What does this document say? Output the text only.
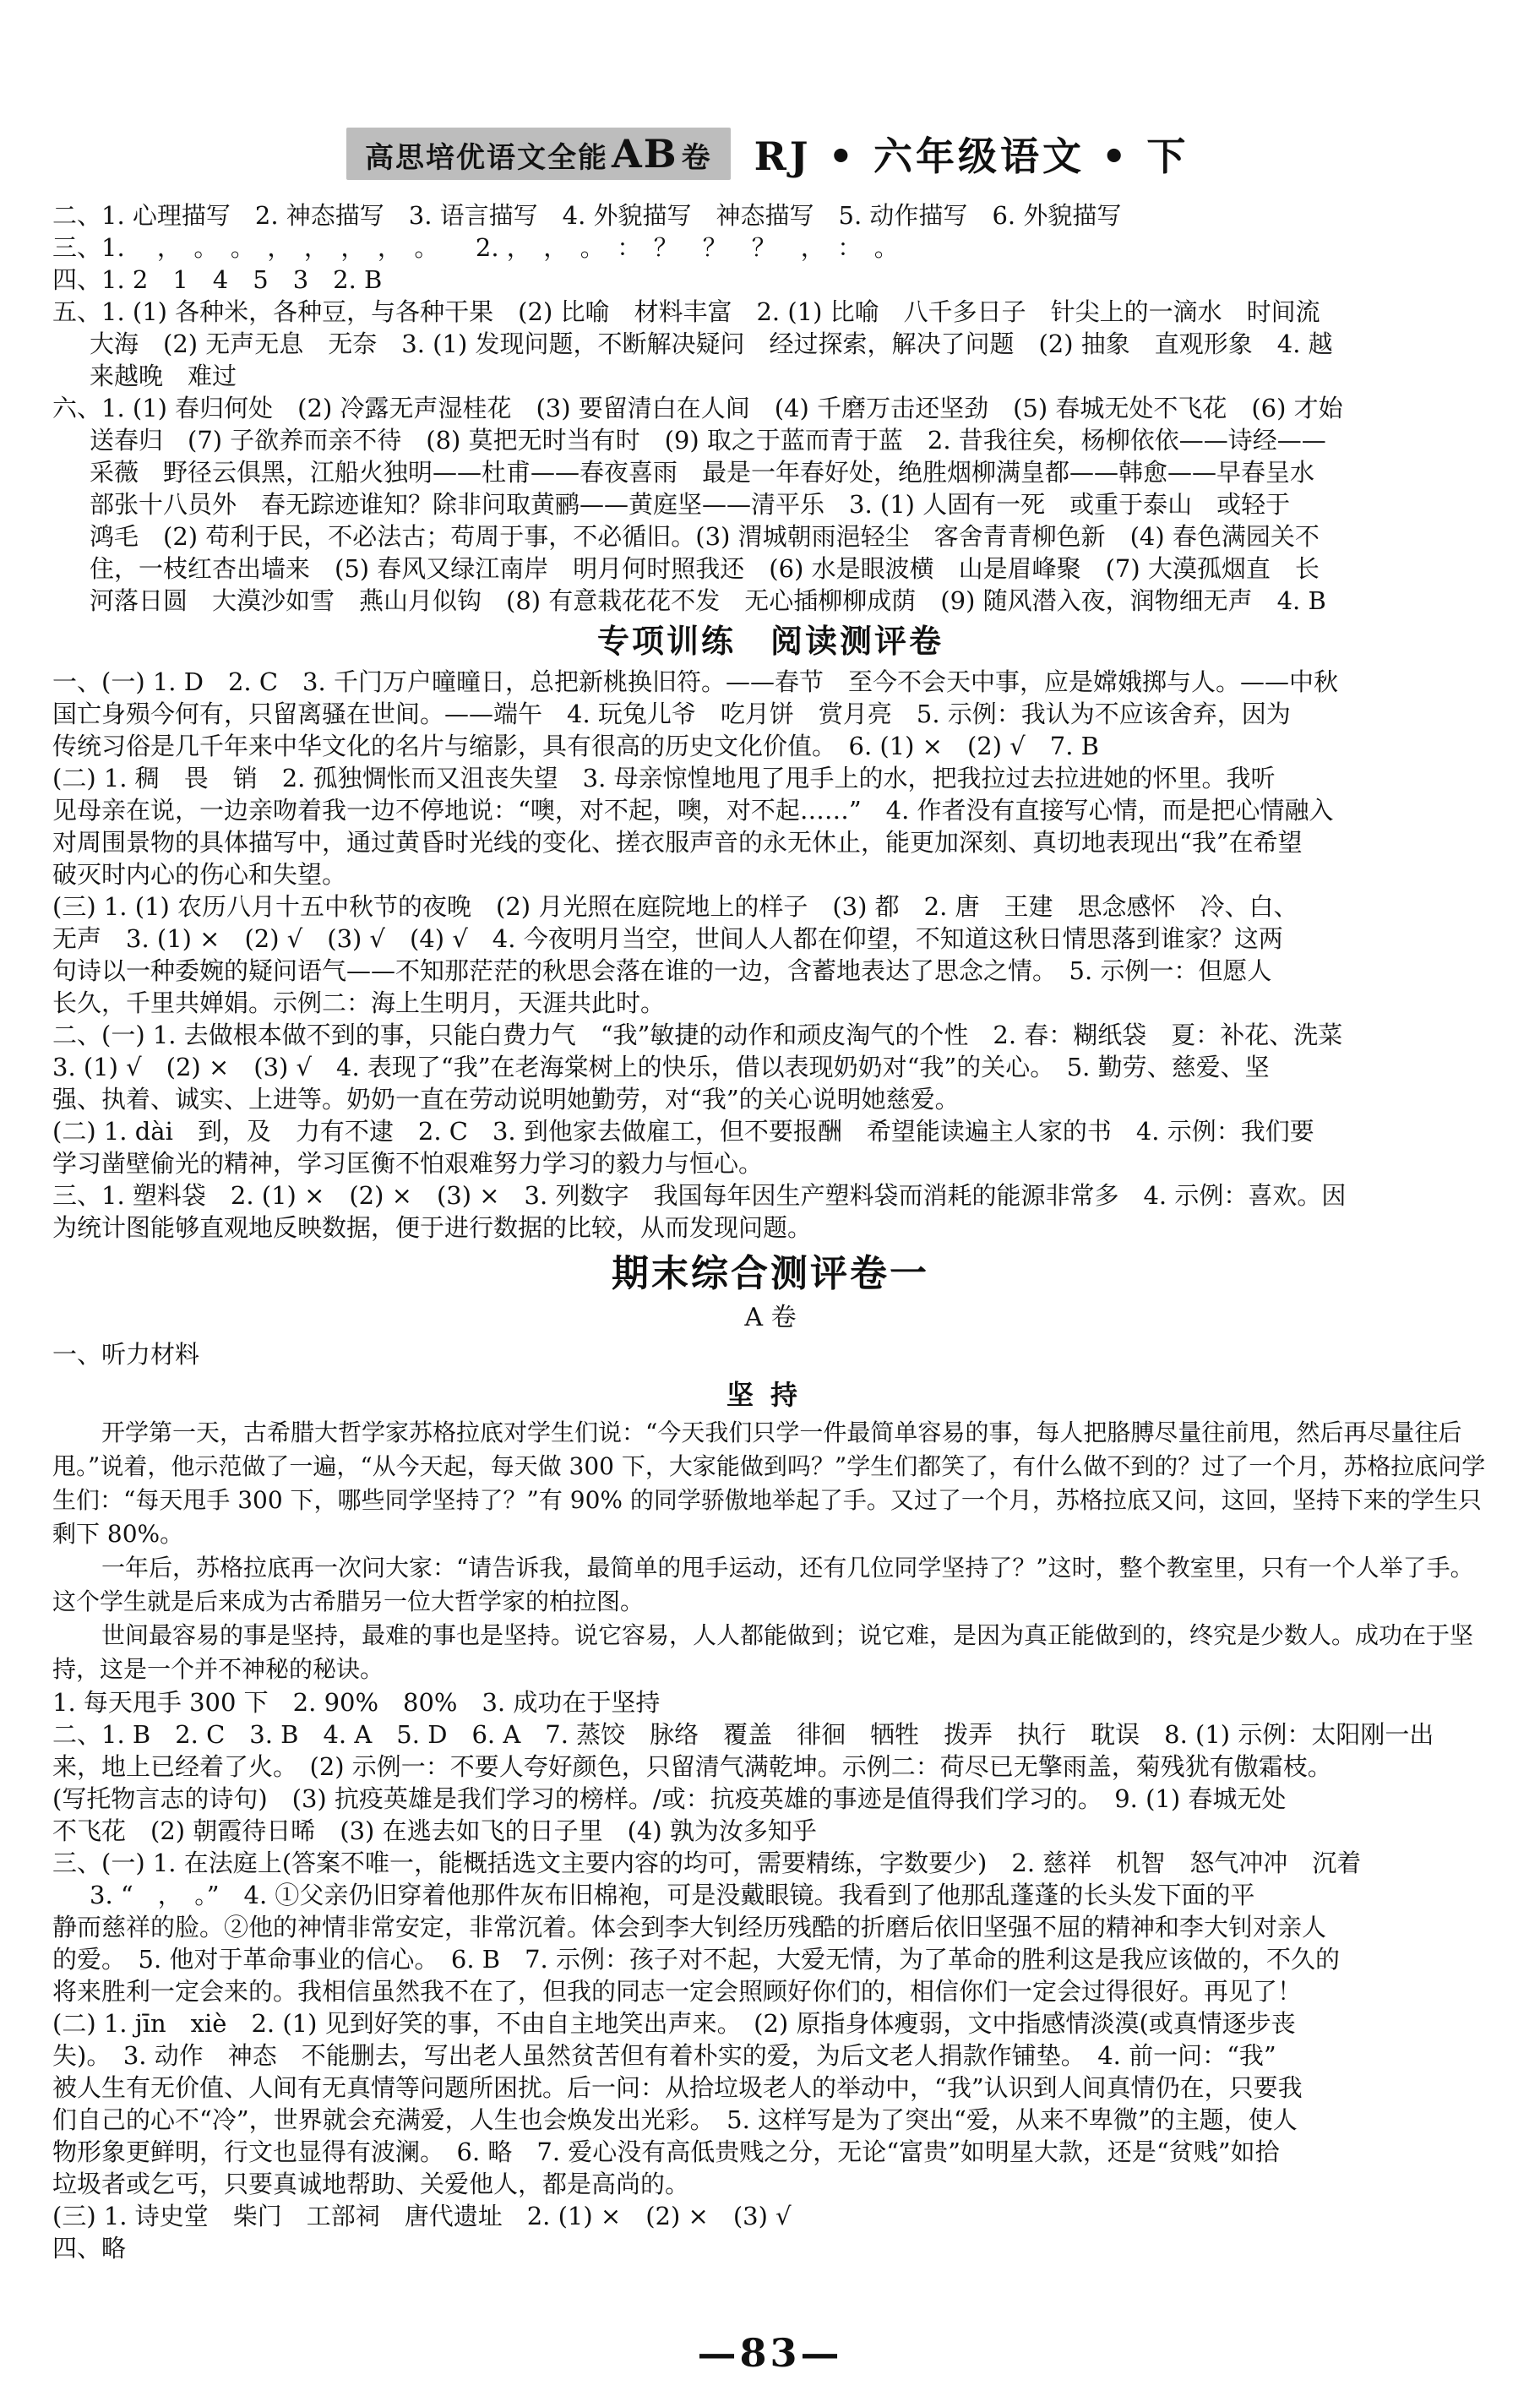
高思培优语文全能AB 卷	RJ • 六年级语文 • 下

二、1. 心理描写　2. 神态描写　3. 语言描写　4. 外貌描写　神态描写　5. 动作描写　6. 外貌描写

三、1. 　，　。　。　，　，　，　，　。　　2. ，　，　。　：　？　？　？　，　：　。

四、1. 2　1　4　5　3　2. B

五、1. (1) 各种米，各种豆，与各种干果　(2) 比喻　材料丰富　2. (1) 比喻　八千多日子　针尖上的一滴水　时间流

大海　(2) 无声无息　无奈　3. (1) 发现问题，不断解决疑问　经过探索，解决了问题　(2) 抽象　直观形象　4. 越

来越晚　难过

六、1. (1) 春归何处　(2) 冷露无声湿桂花　(3) 要留清白在人间　(4) 千磨万击还坚劲　(5) 春城无处不飞花　(6) 才始

送春归　(7) 子欲养而亲不待　(8) 莫把无时当有时　(9) 取之于蓝而青于蓝　2. 昔我往矣，杨柳依依——诗经——

采薇　野径云俱黑，江船火独明——杜甫——春夜喜雨　最是一年春好处，绝胜烟柳满皇都——韩愈——早春呈水

部张十八员外　春无踪迹谁知？除非问取黄鹂——黄庭坚——清平乐　3. (1) 人固有一死　或重于泰山　或轻于

鸿毛　(2) 苟利于民，不必法古；苟周于事，不必循旧。(3) 渭城朝雨浥轻尘　客舍青青柳色新　(4) 春色满园关不

住，一枝红杏出墙来　(5) 春风又绿江南岸　明月何时照我还　(6) 水是眼波横　山是眉峰聚　(7) 大漠孤烟直　长

河落日圆　大漠沙如雪　燕山月似钩　(8) 有意栽花花不发　无心插柳柳成荫　(9) 随风潜入夜，润物细无声　4. B

专项训练　阅读测评卷

一、(一) 1. D　2. C　3. 千门万户曈曈日，总把新桃换旧符。——春节　至今不会天中事，应是嫦娥掷与人。——中秋

国亡身殒今何有，只留离骚在世间。——端午　4. 玩兔儿爷　吃月饼　赏月亮　5. 示例：我认为不应该舍弃，因为

传统习俗是几千年来中华文化的名片与缩影，具有很高的历史文化价值。　6. (1) ×　(2) √　7. B

(二) 1. 稠　畏　销　2. 孤独惆怅而又沮丧失望　3. 母亲惊惶地甩了甩手上的水，把我拉过去拉进她的怀里。我听

见母亲在说，一边亲吻着我一边不停地说：“噢，对不起，噢，对不起……”　4. 作者没有直接写心情，而是把心情融入

对周围景物的具体描写中，通过黄昏时光线的变化、搓衣服声音的永无休止，能更加深刻、真切地表现出“我”在希望

破灭时内心的伤心和失望。

(三) 1. (1) 农历八月十五中秋节的夜晚　(2) 月光照在庭院地上的样子　(3) 都　2. 唐　王建　思念感怀　冷、白、

无声　3. (1) ×　(2) √　(3) √　(4) √　4. 今夜明月当空，世间人人都在仰望，不知道这秋日情思落到谁家？这两

句诗以一种委婉的疑问语气——不知那茫茫的秋思会落在谁的一边，含蓄地表达了思念之情。　5. 示例一：但愿人

长久，千里共婵娟。示例二：海上生明月，天涯共此时。

二、(一) 1. 去做根本做不到的事，只能白费力气　“我”敏捷的动作和顽皮淘气的个性　2. 春：糊纸袋　夏：补花、洗菜

3. (1) √　(2) ×　(3) √　4. 表现了“我”在老海棠树上的快乐，借以表现奶奶对“我”的关心。　5. 勤劳、慈爱、坚

强、执着、诚实、上进等。奶奶一直在劳动说明她勤劳，对“我”的关心说明她慈爱。

(二) 1. dài　到，及　力有不逮　2. C　3. 到他家去做雇工，但不要报酬　希望能读遍主人家的书　4. 示例：我们要

学习凿壁偷光的精神，学习匡衡不怕艰难努力学习的毅力与恒心。

三、1. 塑料袋　2. (1) ×　(2) ×　(3) ×　3. 列数字　我国每年因生产塑料袋而消耗的能源非常多　4. 示例：喜欢。因

为统计图能够直观地反映数据，便于进行数据的比较，从而发现问题。

期末综合测评卷一
A 卷

一、听力材料

坚持

开学第一天，古希腊大哲学家苏格拉底对学生们说：“今天我们只学一件最简单容易的事，每人把胳膊尽量往前甩，然后再尽量往后甩。”说着，他示范做了一遍，“从今天起，每天做 300 下，大家能做到吗？”学生们都笑了，有什么做不到的？过了一个月，苏格拉底问学生们：“每天甩手 300 下，哪些同学坚持了？”有 90% 的同学骄傲地举起了手。又过了一个月，苏格拉底又问，这回，坚持下来的学生只剩下 80%。

一年后，苏格拉底再一次问大家：“请告诉我，最简单的甩手运动，还有几位同学坚持了？”这时，整个教室里，只有一个人举了手。这个学生就是后来成为古希腊另一位大哲学家的柏拉图。

世间最容易的事是坚持，最难的事也是坚持。说它容易，人人都能做到；说它难，是因为真正能做到的，终究是少数人。成功在于坚持，这是一个并不神秘的秘诀。

1. 每天甩手 300 下　2. 90%　80%　3. 成功在于坚持

二、1. B　2. C　3. B　4. A　5. D　6. A　7. 蒸饺　脉络　覆盖　徘徊　牺牲　拨弄　执行　耽误　8. (1) 示例：太阳刚一出

来，地上已经着了火。　(2) 示例一：不要人夸好颜色，只留清气满乾坤。示例二：荷尽已无擎雨盖，菊残犹有傲霜枝。

(写托物言志的诗句)　(3) 抗疫英雄是我们学习的榜样。/或：抗疫英雄的事迹是值得我们学习的。　9. (1) 春城无处

不飞花　(2) 朝霞待日晞　(3) 在逃去如飞的日子里　(4) 孰为汝多知乎

三、(一) 1. 在法庭上(答案不唯一，能概括选文主要内容的均可，需要精练，字数要少)　2. 慈祥　机智　怒气冲冲　沉着

3. “　，　。”　4. ①父亲仍旧穿着他那件灰布旧棉袍，可是没戴眼镜。我看到了他那乱蓬蓬的长头发下面的平

静而慈祥的脸。②他的神情非常安定，非常沉着。体会到李大钊经历残酷的折磨后依旧坚强不屈的精神和李大钊对亲人

的爱。　5. 他对于革命事业的信心。　6. B　7. 示例：孩子对不起，大爱无情，为了革命的胜利这是我应该做的，不久的

将来胜利一定会来的。我相信虽然我不在了，但我的同志一定会照顾好你们的，相信你们一定会过得很好。再见了！

(二) 1. jīn　xiè　2. (1) 见到好笑的事，不由自主地笑出声来。　(2) 原指身体瘦弱，文中指感情淡漠(或真情逐步丧

失)。　3. 动作　神态　不能删去，写出老人虽然贫苦但有着朴实的爱，为后文老人捐款作铺垫。　4. 前一问：“我”

被人生有无价值、人间有无真情等问题所困扰。后一问：从拾垃圾老人的举动中，“我”认识到人间真情仍在，只要我

们自己的心不“冷”，世界就会充满爱，人生也会焕发出光彩。　5. 这样写是为了突出“爱，从来不卑微”的主题，使人

物形象更鲜明，行文也显得有波澜。　6. 略　7. 爱心没有高低贵贱之分，无论“富贵”如明星大款，还是“贫贱”如拾

垃圾者或乞丐，只要真诚地帮助、关爱他人，都是高尚的。

(三) 1. 诗史堂　柴门　工部祠　唐代遗址　2. (1) ×　(2) ×　(3) √

四、略

—83—
